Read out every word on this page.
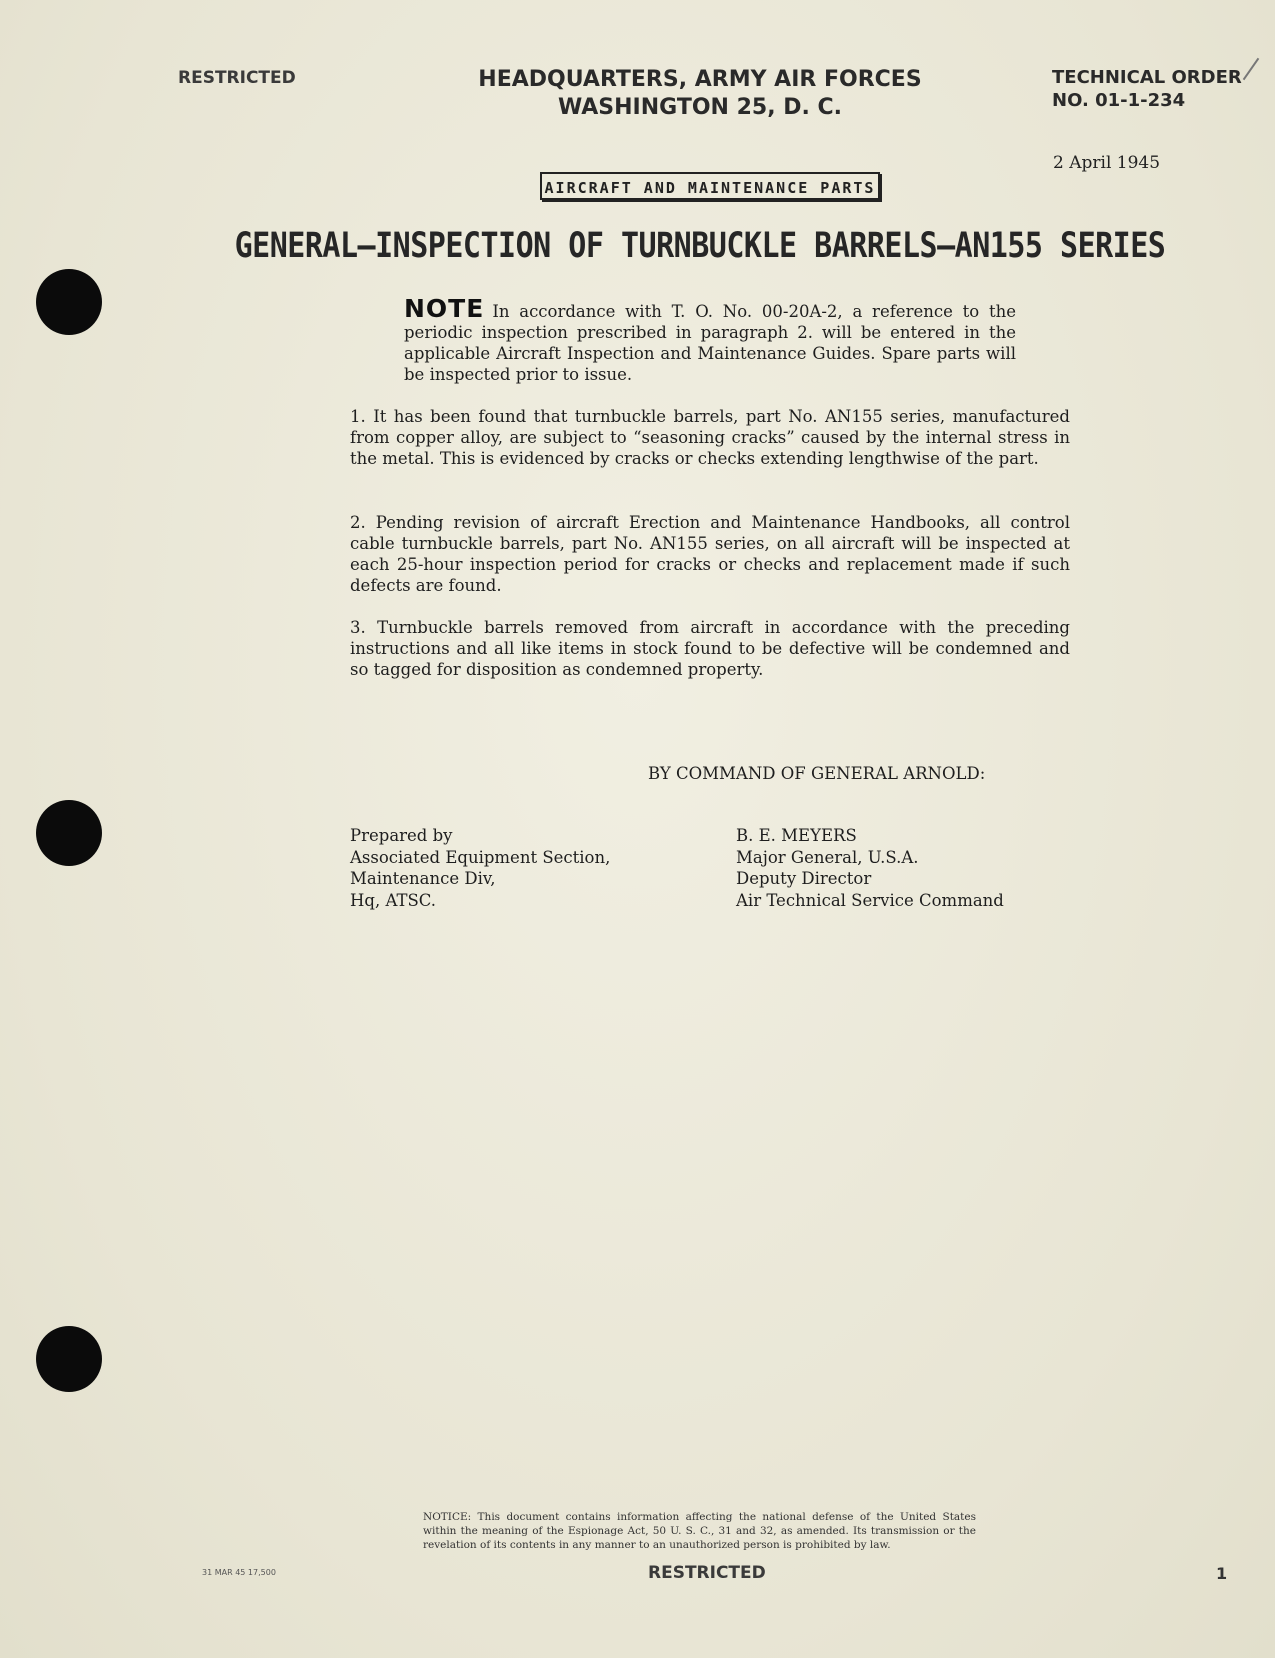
RESTRICTED	HEADQUARTERS, ARMY AIR FORCES
WASHINGTON 25, D. C.
TECHNICAL ORDER
NO. 01-1-234
2 April 1945
AIRCRAFT AND MAINTENANCE PARTS
GENERAL—INSPECTION OF TURNBUCKLE BARRELS—AN155 SERIES
NOTE In accordance with T. O. No. 00-20A-2, a reference to the periodic inspection prescribed in paragraph 2. will be entered in the applicable Aircraft Inspection and Maintenance Guides. Spare parts will be inspected prior to issue.
1. It has been found that turnbuckle barrels, part No. AN155 series, manufactured from copper alloy, are subject to “seasoning cracks” caused by the internal stress in the metal. This is evidenced by cracks or checks extending lengthwise of the part.
2. Pending revision of aircraft Erection and Maintenance Handbooks, all control cable turnbuckle barrels, part No. AN155 series, on all aircraft will be inspected at each 25-hour inspection period for cracks or checks and replacement made if such defects are found.
3. Turnbuckle barrels removed from aircraft in accordance with the preceding instructions and all like items in stock found to be defective will be condemned and so tagged for disposition as condemned property.
BY COMMAND OF GENERAL ARNOLD:
Prepared by
Associated Equipment Section,
Maintenance Div,
Hq, ATSC.
B. E. MEYERS
Major General, U.S.A.
Deputy Director
Air Technical Service Command
NOTICE: This document contains information affecting the national defense of the United States within the meaning of the Espionage Act, 50 U. S. C., 31 and 32, as amended. Its transmission or the revelation of its contents in any manner to an unauthorized person is prohibited by law.
31 MAR 45 17,500	RESTRICTED	1
